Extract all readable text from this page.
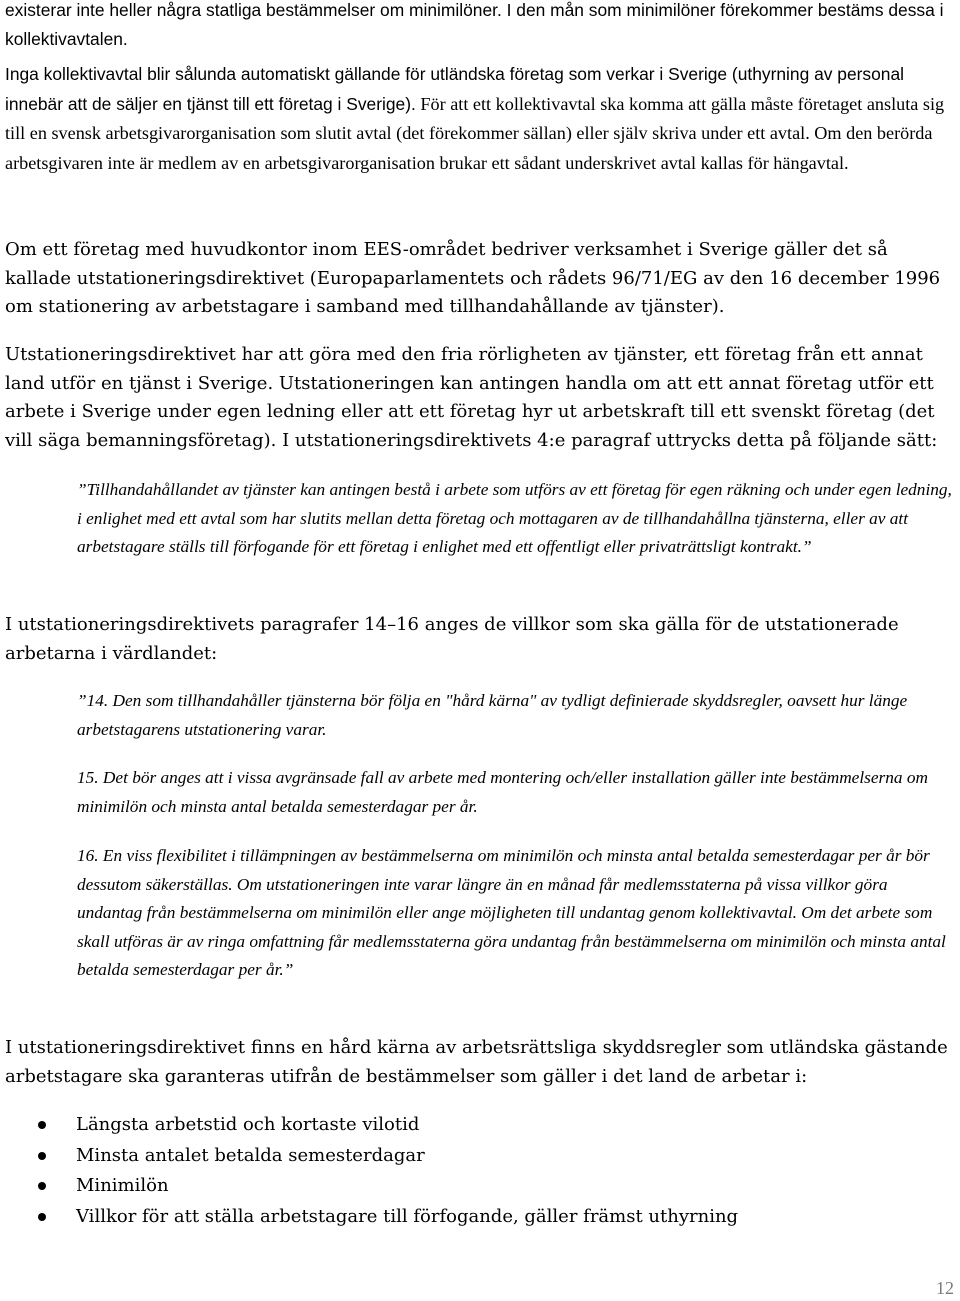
existerar inte heller några statliga bestämmelser om minimilöner. I den mån som minimilöner förekommer bestäms dessa i kollektivavtalen.

Inga kollektivavtal blir sålunda automatiskt gällande för utländska företag som verkar i Sverige (uthyrning av personal innebär att de säljer en tjänst till ett företag i Sverige). För att ett kollektivavtal ska komma att gälla måste företaget ansluta sig till en svensk arbetsgivarorganisation som slutit avtal (det förekommer sällan) eller själv skriva under ett avtal. Om den berörda arbetsgivaren inte är medlem av en arbetsgivarorganisation brukar ett sådant underskrivet avtal kallas för hängavtal.

Om ett företag med huvudkontor inom EES-området bedriver verksamhet i Sverige gäller det så kallade utstationeringsdirektivet (Europaparlamentets och rådets 96/71/EG av den 16 december 1996 om stationering av arbetstagare i samband med tillhandahållande av tjänster).

Utstationeringsdirektivet har att göra med den fria rörligheten av tjänster, ett företag från ett annat land utför en tjänst i Sverige. Utstationeringen kan antingen handla om att ett annat företag utför ett arbete i Sverige under egen ledning eller att ett företag hyr ut arbetskraft till ett svenskt företag (det vill säga bemanningsföretag). I utstationeringsdirektivets 4:e paragraf uttrycks detta på följande sätt:

”Tillhandahållandet av tjänster kan antingen bestå i arbete som utförs av ett företag för egen räkning och under egen ledning, i enlighet med ett avtal som har slutits mellan detta företag och mottagaren av de tillhandahållna tjänsterna, eller av att arbetstagare ställs till förfogande för ett företag i enlighet med ett offentligt eller privaträttsligt kontrakt.”

I utstationeringsdirektivets paragrafer 14–16 anges de villkor som ska gälla för de utstationerade arbetarna i värdlandet:

”14. Den som tillhandahåller tjänsterna bör följa en "hård kärna" av tydligt definierade skyddsregler, oavsett hur länge arbetstagarens utstationering varar.

15. Det bör anges att i vissa avgränsade fall av arbete med montering och/eller installation gäller inte bestämmelserna om minimilön och minsta antal betalda semesterdagar per år.

16. En viss flexibilitet i tillämpningen av bestämmelserna om minimilön och minsta antal betalda semesterdagar per år bör dessutom säkerställas. Om utstationeringen inte varar längre än en månad får medlemsstaterna på vissa villkor göra undantag från bestämmelserna om minimilön eller ange möjligheten till undantag genom kollektivavtal. Om det arbete som skall utföras är av ringa omfattning får medlemsstaterna göra undantag från bestämmelserna om minimilön och minsta antal betalda semesterdagar per år.”

I utstationeringsdirektivet finns en hård kärna av arbetsrättsliga skyddsregler som utländska gästande arbetstagare ska garanteras utifrån de bestämmelser som gäller i det land de arbetar i:

Längsta arbetstid och kortaste vilotid
Minsta antalet betalda semesterdagar
Minimilön
Villkor för att ställa arbetstagare till förfogande, gäller främst uthyrning
12
